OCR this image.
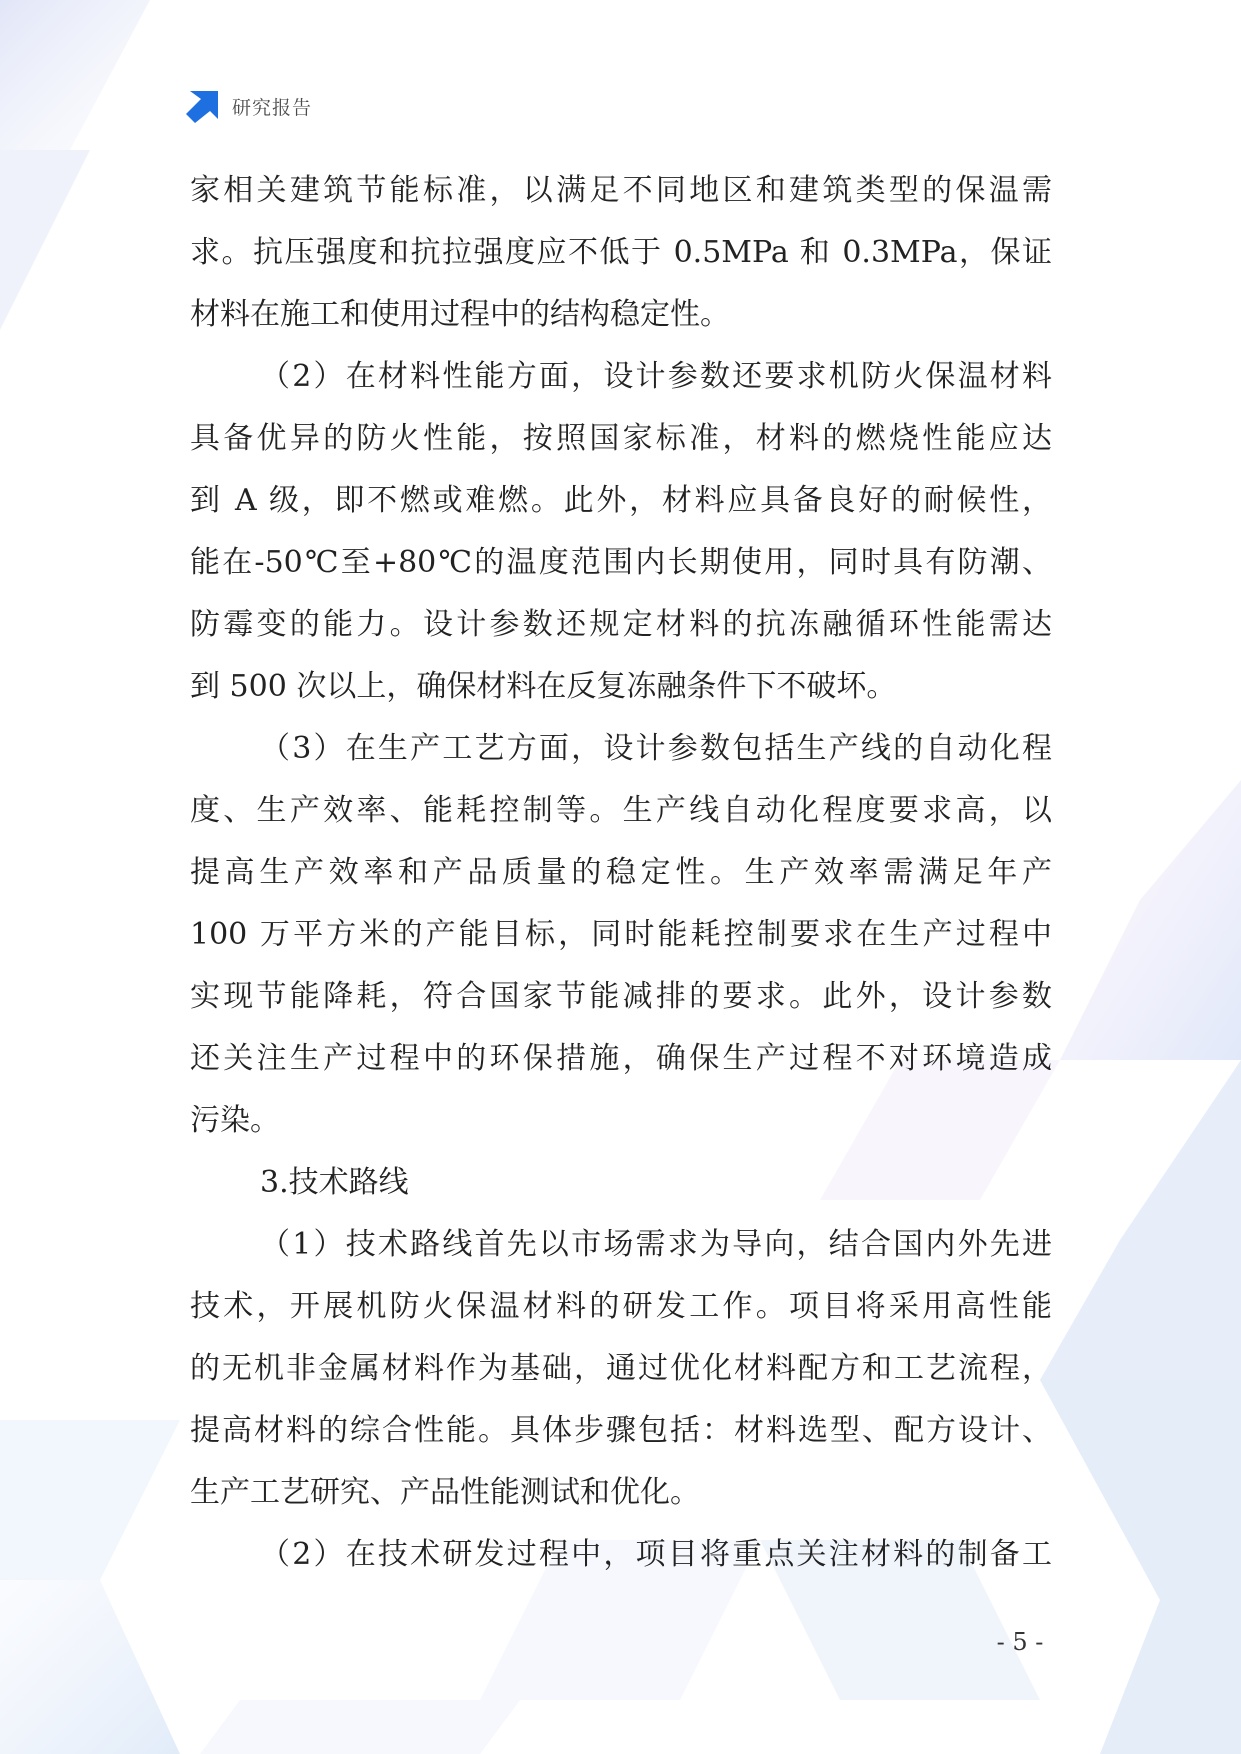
研究报告
家相关建筑节能标准，以满足不同地区和建筑类型的保温需
求。抗压强度和抗拉强度应不低于 0.5MPa 和 0.3MPa，保证
材料在施工和使用过程中的结构稳定性。
（2）在材料性能方面，设计参数还要求机防火保温材料
具备优异的防火性能，按照国家标准，材料的燃烧性能应达
到 A 级，即不燃或难燃。此外，材料应具备良好的耐候性，
能在-50℃至+80℃的温度范围内长期使用，同时具有防潮、
防霉变的能力。设计参数还规定材料的抗冻融循环性能需达
到 500 次以上，确保材料在反复冻融条件下不破坏。
（3）在生产工艺方面，设计参数包括生产线的自动化程
度、生产效率、能耗控制等。生产线自动化程度要求高，以
提高生产效率和产品质量的稳定性。生产效率需满足年产
100 万平方米的产能目标，同时能耗控制要求在生产过程中
实现节能降耗，符合国家节能减排的要求。此外，设计参数
还关注生产过程中的环保措施，确保生产过程不对环境造成
污染。
3.技术路线
（1）技术路线首先以市场需求为导向，结合国内外先进
技术，开展机防火保温材料的研发工作。项目将采用高性能
的无机非金属材料作为基础，通过优化材料配方和工艺流程，
提高材料的综合性能。具体步骤包括：材料选型、配方设计、
生产工艺研究、产品性能测试和优化。
（2）在技术研发过程中，项目将重点关注材料的制备工
- 5 -
